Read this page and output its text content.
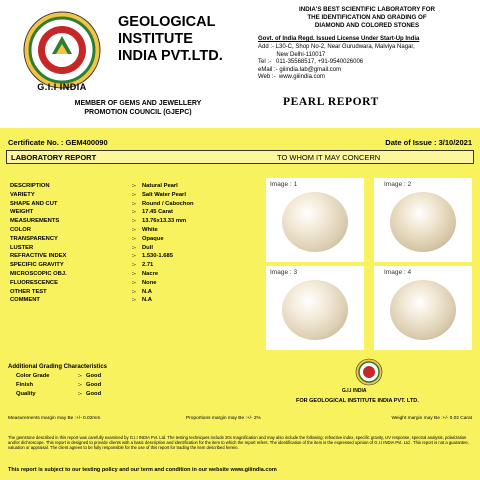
G.I.I INDIA
GEOLOGICAL
INSTITUTE
INDIA PVT.LTD.
MEMBER OF GEMS AND JEWELLERY
PROMOTION COUNCIL (GJEPC)
INDIA'S BEST SCIENTIFIC LABORATORY FOR
THE IDENTIFICATION AND GRADING OF
DIAMOND AND COLORED STONES
Govt. of India Regd. Issued License Under Start-Up India
Add :- L30-C, Shop No-2, Near Gurudwara, Malviya Nagar,
New Delhi-110017
Tel :-   011-35568517, +91-9540026006
eMail :- giiindia.lab@gmail.com
Web :-  www.giiindia.com
PEARL REPORT
Certificate No. : GEM400090	Date of Issue : 3/10/2021
LABORATORY REPORT	TO WHOM IT MAY CONCERN
DESCRIPTION	:- Natural Pearl
VARIETY	:- Salt Water Pearl
SHAPE AND CUT	:- Round / Cabochon
WEIGHT	:- 17.45 Carat
MEASUREMENTS	:- 13.76x13.33 mm
COLOR	:- White
TRANSPARENCY	:- Opaque
LUSTER	:- Dull
REFRACTIVE INDEX	:- 1.530-1.685
SPECIFIC GRAVITY	:- 2.71
MICROSCOPIC OBJ.	:- Nacre
FLUORESCENCE	:- None
OTHER TEST	:- N.A
COMMENT	:- N.A
Image : 1	Image : 2
Image : 3	Image : 4
Additional Grading Characteristics
Color Grade	:- Good
Finish	:- Good
Quality	:- Good	G.I.I INDIA
FOR GEOLOGICAL INSTITUTE INDIA PVT. LTD.
Measurements margin may Be :+/- 0.02mm	Proportions margin may Be :+/- 2%	Weight margin may Be :+/- 0.02 Carat
The gemstone described in this report was carefully examined by G.I.I INDIA Pvt. Ltd. The testing techniques include 20x magnification and may also include the following: refractive index, specific gravity, UV response, spectral analysis, polarization and/or dichroscope. This report is designed to provide clients with a basic description and identification for the item to which the report refers. The identification of the item is the expressed opinion of G.I.I INDIA Pvt. Ltd . This report is not a guarantee, valuation or appraisal. The client agrees to be fully responsible for the use of this report for trading the item described herein.
This report is subject to our testing policy and our term and condition in our website www.giiindia.com
